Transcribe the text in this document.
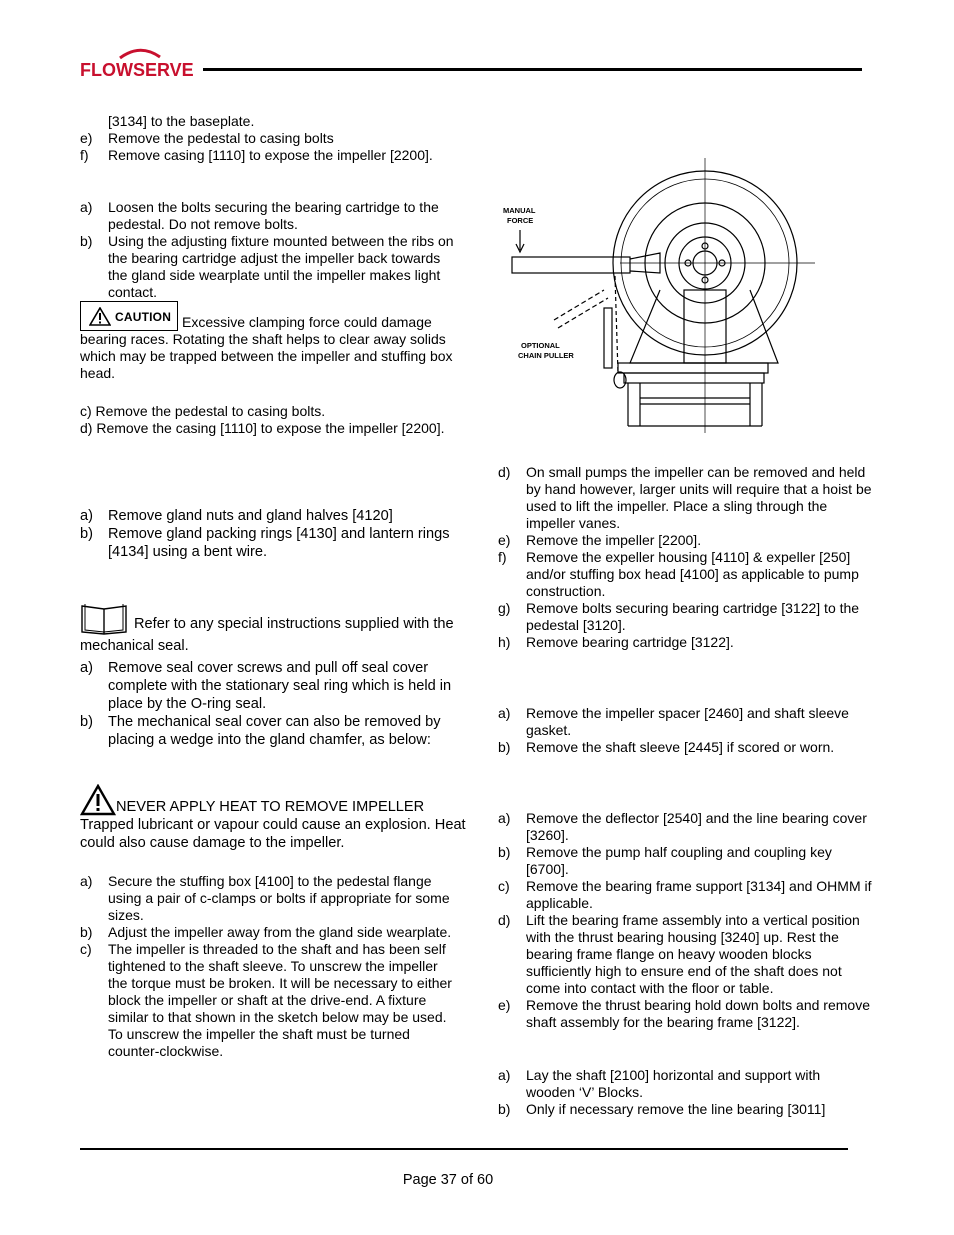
FLOWSERVE
[3134] to the baseplate.
e) Remove the pedestal to casing bolts
f) Remove casing [1110] to expose the impeller [2200].
a) Loosen the bolts securing the bearing cartridge to the pedestal. Do not remove bolts.
b) Using the adjusting fixture mounted between the ribs on the bearing cartridge adjust the impeller back towards the gland side wearplate until the impeller makes light contact.
CAUTION Excessive clamping force could damage bearing races. Rotating the shaft helps to clear away solids which may be trapped between the impeller and stuffing box head.
c) Remove the pedestal to casing bolts.
d) Remove the casing [1110] to expose the impeller [2200].
a) Remove gland nuts and gland halves [4120]
b) Remove gland packing rings [4130] and lantern rings [4134] using a bent wire.
Refer to any special instructions supplied with the mechanical seal.
a) Remove seal cover screws and pull off seal cover complete with the stationary seal ring which is held in place by the O-ring seal.
b) The mechanical seal cover can also be removed by placing a wedge into the gland chamfer, as below:
NEVER APPLY HEAT TO REMOVE IMPELLER
Trapped lubricant or vapour could cause an explosion. Heat could also cause damage to the impeller.
a) Secure the stuffing box [4100] to the pedestal flange using a pair of c-clamps or bolts if appropriate for some sizes.
b) Adjust the impeller away from the gland side wearplate.
c) The impeller is threaded to the shaft and has been self tightened to the shaft sleeve. To unscrew the impeller the torque must be broken. It will be necessary to either block the impeller or shaft at the drive-end. A fixture similar to that shown in the sketch below may be used. To unscrew the impeller the shaft must be turned counter-clockwise.
MANUAL
FORCE
OPTIONAL
CHAIN PULLER
d) On small pumps the impeller can be removed and held by hand however, larger units will require that a hoist be used to lift the impeller. Place a sling through the impeller vanes.
e) Remove the impeller [2200].
f) Remove the expeller housing [4110] & expeller [250] and/or stuffing box head [4100] as applicable to pump construction.
g) Remove bolts securing bearing cartridge [3122] to the pedestal [3120].
h) Remove bearing cartridge [3122].
a) Remove the impeller spacer [2460] and shaft sleeve gasket.
b) Remove the shaft sleeve [2445] if scored or worn.
a) Remove the deflector [2540] and the line bearing cover [3260].
b) Remove the pump half coupling and coupling key [6700].
c) Remove the bearing frame support [3134] and OHMM if applicable.
d) Lift the bearing frame assembly into a vertical position with the thrust bearing housing [3240] up. Rest the bearing frame flange on heavy wooden blocks sufficiently high to ensure end of the shaft does not come into contact with the floor or table.
e) Remove the thrust bearing hold down bolts and remove shaft assembly for the bearing frame [3122].
a) Lay the shaft [2100] horizontal and support with wooden ‘V’ Blocks.
b) Only if necessary remove the line bearing [3011]
Page 37 of 60
